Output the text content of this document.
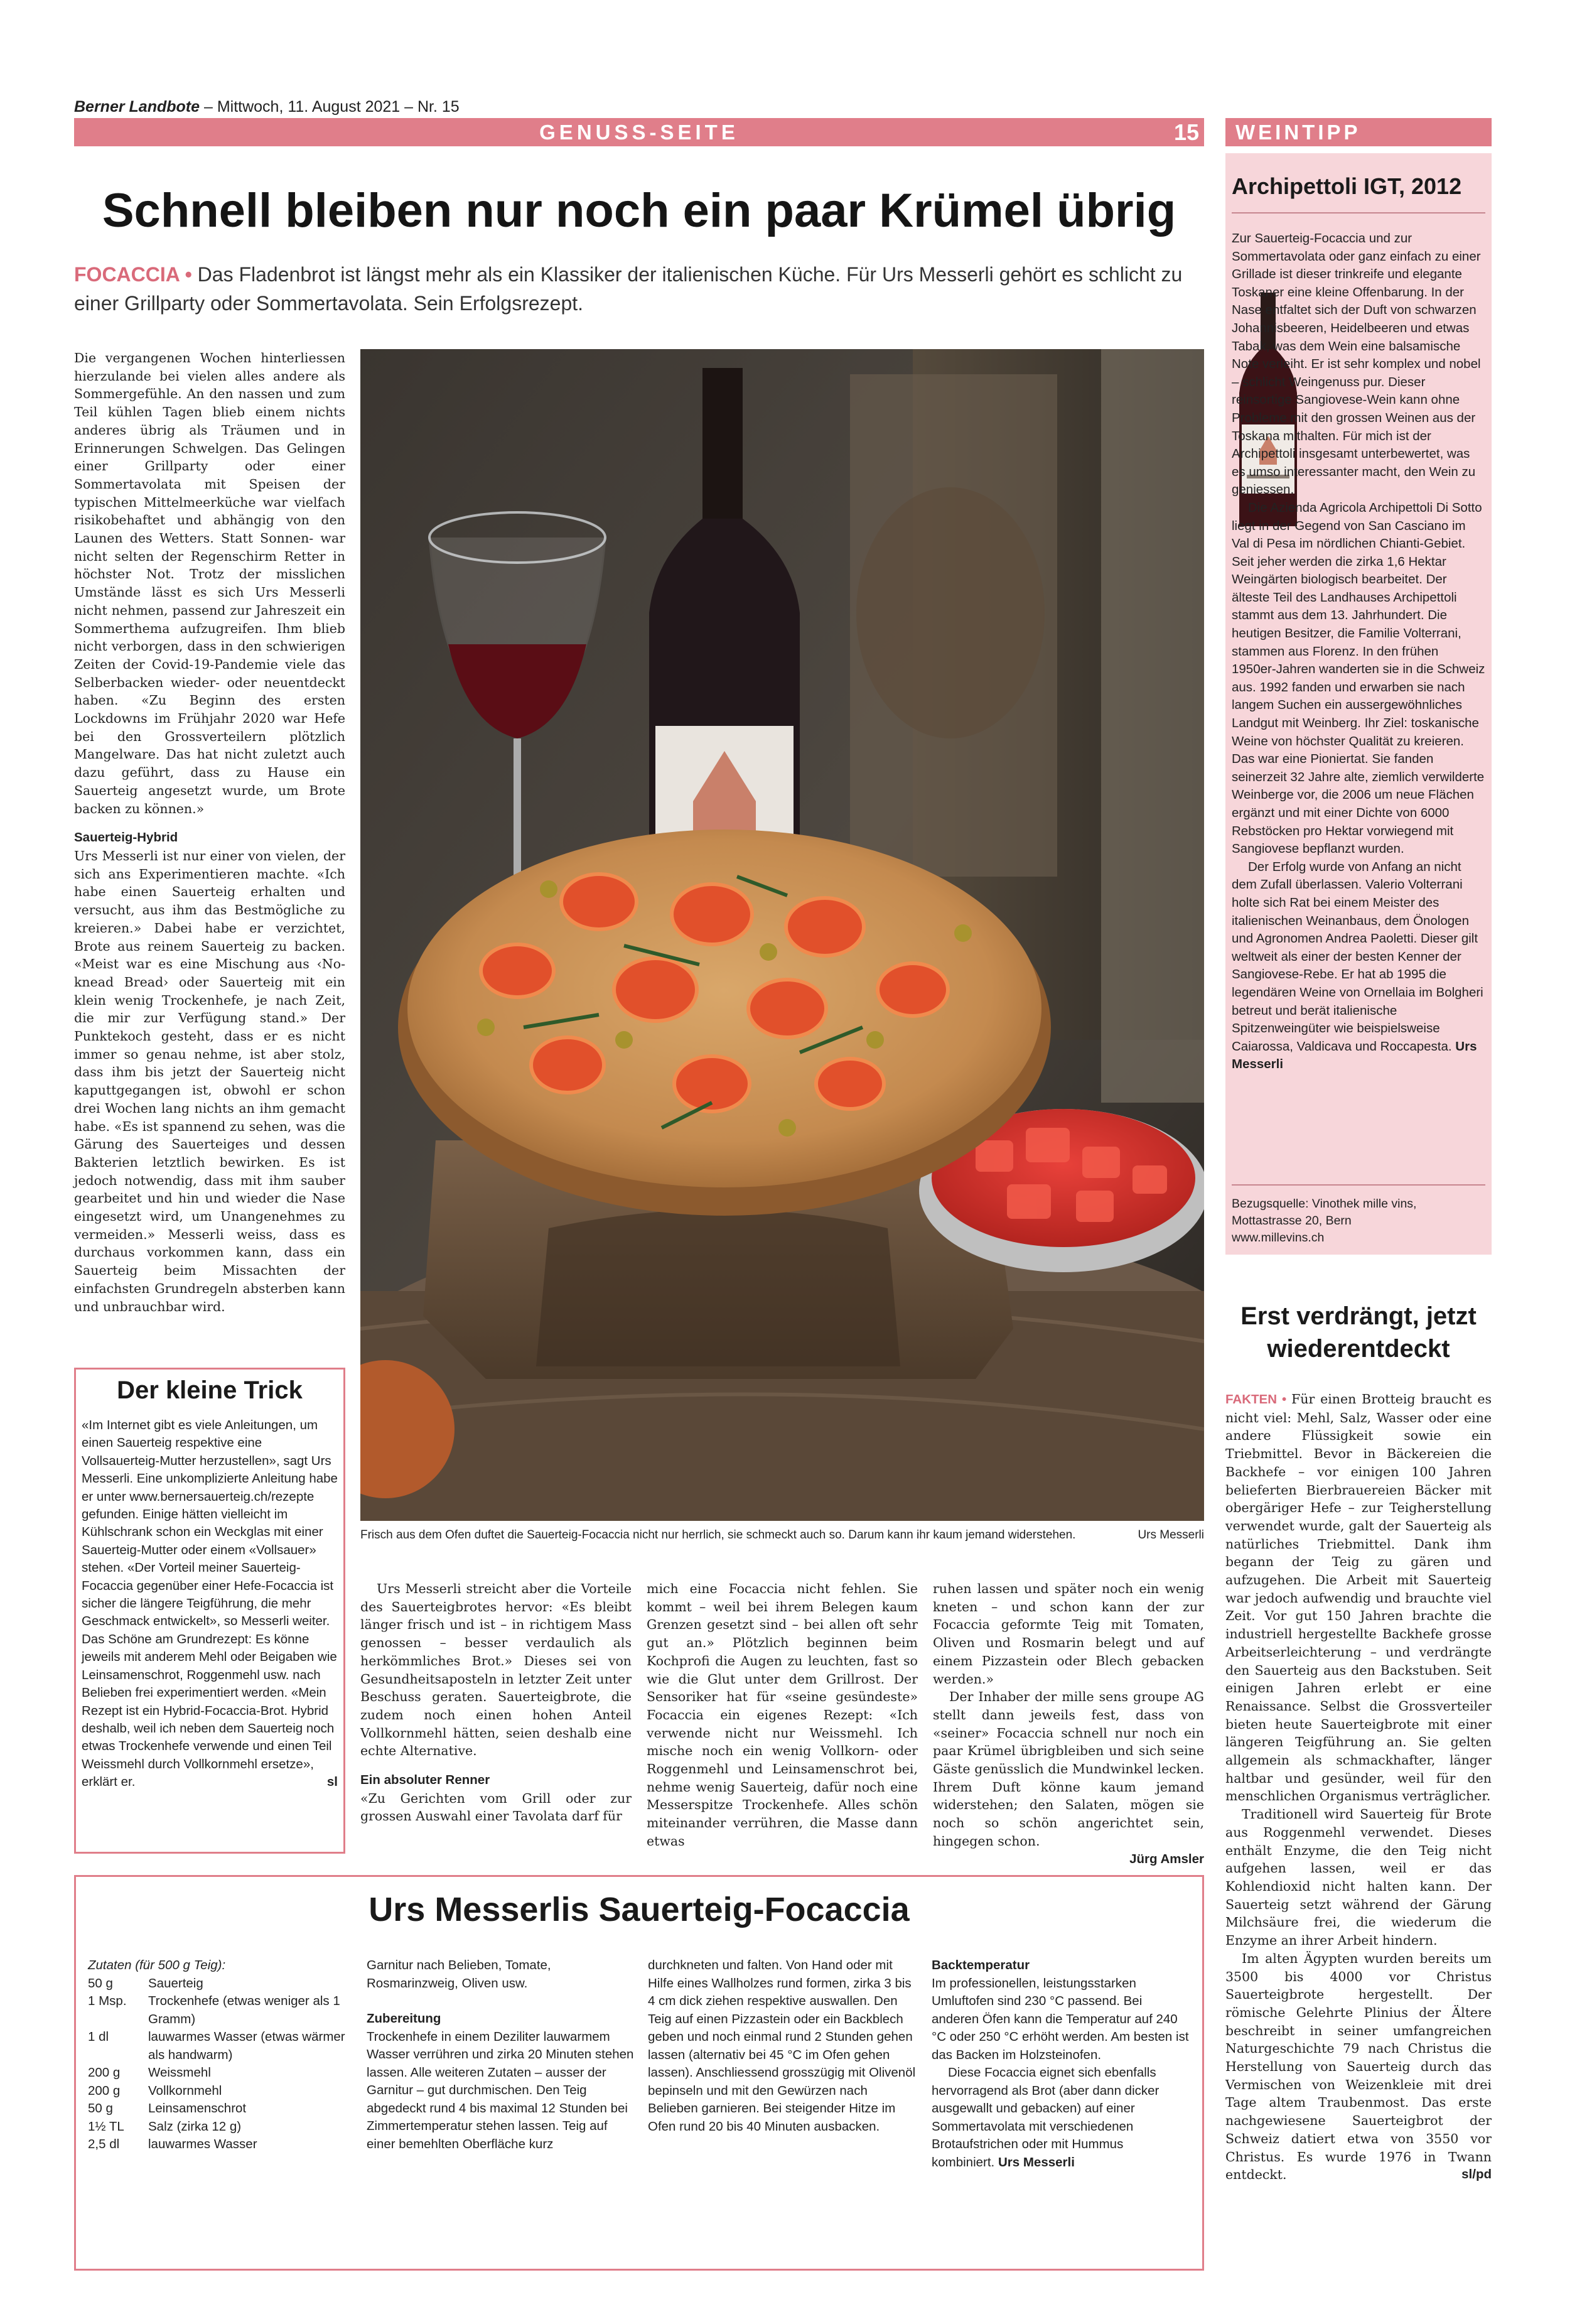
Berner Landbote – Mittwoch, 11. August 2021 – Nr. 15
GENUSS-SEITE	15 WEINTIPP
Schnell bleiben nur noch ein paar Krümel übrig
FOCACCIA • Das Fladenbrot ist längst mehr als ein Klassiker der italienischen Küche. Für Urs Messerli gehört es schlicht zu einer Grillparty oder Sommertavolata. Sein Erfolgsrezept.

Die vergangenen Wochen hinterliessen hierzulande bei vielen alles andere als Sommergefühle. An den nassen und zum Teil kühlen Tagen blieb einem nichts anderes übrig als Träumen und in Erinnerungen Schwelgen. Das Gelingen einer Grillparty oder einer Sommertavolata mit Speisen der typischen Mittelmeerküche war vielfach risikobehaftet und abhängig von den Launen des Wetters. Statt Sonnen- war nicht selten der Regenschirm Retter in höchster Not. Trotz der misslichen Umstände lässt es sich Urs Messerli nicht nehmen, passend zur Jahreszeit ein Sommerthema aufzugreifen. Ihm blieb nicht verborgen, dass in den schwierigen Zeiten der Covid-19-Pandemie viele das Selberbacken wieder- oder neuentdeckt haben. «Zu Beginn des ersten Lockdowns im Frühjahr 2020 war Hefe bei den Grossverteilern plötzlich Mangelware. Das hat nicht zuletzt auch dazu geführt, dass zu Hause ein Sauerteig angesetzt wurde, um Brote backen zu können.»

Sauerteig-Hybrid

Urs Messerli ist nur einer von vielen, der sich ans Experimentieren machte. «Ich habe einen Sauerteig erhalten und versucht, aus ihm das Bestmögliche zu kreieren.» Dabei habe er verzichtet, Brote aus reinem Sauerteig zu backen. «Meist war es eine Mischung aus ‹No-knead Bread› oder Sauerteig mit ein klein wenig Trockenhefe, je nach Zeit, die mir zur Verfügung stand.» Der Punktekoch gesteht, dass er es nicht immer so genau nehme, ist aber stolz, dass ihm bis jetzt der Sauerteig nicht kaputtgegangen ist, obwohl er schon drei Wochen lang nichts an ihm gemacht habe. «Es ist spannend zu sehen, was die Gärung des Sauerteiges und dessen Bakterien letztlich bewirken. Es ist jedoch notwendig, dass mit ihm sauber gearbeitet und hin und wieder die Nase eingesetzt wird, um Unangenehmes zu vermeiden.» Messerli weiss, dass es durchaus vorkommen kann, dass ein Sauerteig beim Missachten der einfachsten Grundregeln absterben kann und unbrauchbar wird.

Frisch aus dem Ofen duftet die Sauerteig-Focaccia nicht nur herrlich, sie schmeckt auch so. Darum kann ihr kaum jemand widerstehen.	Urs Messerli

Urs Messerli streicht aber die Vorteile des Sauerteigbrotes hervor: «Es bleibt länger frisch und ist – in richtigem Mass genossen – besser verdaulich als herkömmliches Brot.» Dieses sei von Gesundheitsaposteln in letzter Zeit unter Beschuss geraten. Sauerteigbrote, die zudem noch einen hohen Anteil Vollkornmehl hätten, seien deshalb eine echte Alternative.

Ein absoluter Renner

«Zu Gerichten vom Grill oder zur grossen Auswahl einer Tavolata darf für

mich eine Focaccia nicht fehlen. Sie kommt – weil bei ihrem Belegen kaum Grenzen gesetzt sind – bei allen oft sehr gut an.» Plötzlich beginnen beim Kochprofi die Augen zu leuchten, fast so wie die Glut unter dem Grillrost. Der Sensoriker hat für «seine gesündeste» Focaccia ein eigenes Rezept: «Ich verwende nicht nur Weissmehl. Ich mische noch ein wenig Vollkorn- oder Roggenmehl und Leinsamenschrot bei, nehme wenig Sauerteig, dafür noch eine Messerspitze Trockenhefe. Alles schön miteinander verrühren, die Masse dann etwas

ruhen lassen und später noch ein wenig kneten – und schon kann der zur Focaccia geformte Teig mit Tomaten, Oliven und Rosmarin belegt und auf einem Pizzastein oder Blech gebacken werden.»

Der Inhaber der mille sens groupe AG stellt dann jeweils fest, dass von «seiner» Focaccia schnell nur noch ein paar Krümel übrigbleiben und sich seine Gäste genüsslich die Mundwinkel lecken. Ihrem Duft könne kaum jemand widerstehen; den Salaten, mögen sie noch so schön angerichtet sein, hingegen schon.

Jürg Amsler

Der kleine Trick
«Im Internet gibt es viele Anleitungen, um einen Sauerteig respektive eine Vollsauerteig-Mutter herzustellen», sagt Urs Messerli. Eine unkomplizierte Anleitung habe er unter www.bernersauerteig.ch/rezepte gefunden. Einige hätten vielleicht im Kühlschrank schon ein Weckglas mit einer Sauerteig-Mutter oder einem «Vollsauer» stehen. «Der Vorteil meiner Sauerteig-Focaccia gegenüber einer Hefe-Focaccia ist sicher die längere Teigführung, die mehr Geschmack entwickelt», so Messerli weiter. Das Schöne am Grundrezept: Es könne jeweils mit anderem Mehl oder Beigaben wie Leinsamenschrot, Roggenmehl usw. nach Belieben frei experimentiert werden. «Mein Rezept ist ein Hybrid-Focaccia-Brot. Hybrid deshalb, weil ich neben dem Sauerteig noch etwas Trockenhefe verwende und einen Teil Weissmehl durch Vollkornmehl ersetze», erklärt er.	sl
Urs Messerlis Sauerteig-Focaccia
Zutaten (für 500 g Teig):
50 g	Sauerteig
1 Msp.	Trockenhefe (etwas weniger als 1 Gramm)
1 dl	lauwarmes Wasser (etwas wärmer als handwarm)
200 g	Weissmehl
200 g	Vollkornmehl
50 g	Leinsamenschrot
1½ TL	Salz (zirka 12 g)
2,5 dl	lauwarmes Wasser
Garnitur nach Belieben, Tomate, Rosmarinzweig, Oliven usw.
Zubereitung
Trockenhefe in einem Deziliter lauwarmem Wasser verrühren und zirka 20 Minuten stehen lassen. Alle weiteren Zutaten – ausser der Garnitur – gut durchmischen. Den Teig abgedeckt rund 4 bis maximal 12 Stunden bei Zimmertemperatur stehen lassen. Teig auf einer bemehlten Oberfläche kurz
durchkneten und falten. Von Hand oder mit Hilfe eines Wallholzes rund formen, zirka 3 bis 4 cm dick ziehen respektive auswallen. Den Teig auf einen Pizzastein oder ein Backblech geben und noch einmal rund 2 Stunden gehen lassen (alternativ bei 45 °C im Ofen gehen lassen). Anschliessend grosszügig mit Olivenöl bepinseln und mit den Gewürzen nach Belieben garnieren. Bei steigender Hitze im Ofen rund 20 bis 40 Minuten ausbacken.
Backtemperatur
Im professionellen, leistungsstarken Umluftofen sind 230 °C passend. Bei anderen Öfen kann die Temperatur auf 240 °C oder 250 °C erhöht werden. Am besten ist das Backen im Holzsteinofen.
Diese Focaccia eignet sich ebenfalls hervorragend als Brot (aber dann dicker ausgewallt und gebacken) auf einer Sommertavolata mit verschiedenen Brotaufstrichen oder mit Hummus kombiniert. Urs Messerli
Archipettoli IGT, 2012

Zur Sauerteig-Focaccia und zur Sommertavolata oder ganz einfach zu einer Grillade ist dieser trinkreife und elegante Toskaner eine kleine Offenbarung. In der Nase entfaltet sich der Duft von schwarzen Johannisbeeren, Heidelbeeren und etwas Tabak, was dem Wein eine balsamische Note verleiht. Er ist sehr komplex und nobel – schlicht Weingenuss pur. Dieser reinsortige Sangiovese-Wein kann ohne Probleme mit den grossen Weinen aus der Toskana mithalten. Für mich ist der Archipettoli insgesamt unterbewertet, was es umso interessanter macht, den Wein zu geniessen.

Die Azienda Agricola Archipettoli Di Sotto liegt in der Gegend von San Casciano im Val di Pesa im nördlichen Chianti-Gebiet. Seit jeher werden die zirka 1,6 Hektar Weingärten biologisch bearbeitet. Der älteste Teil des Landhauses Archipettoli stammt aus dem 13. Jahrhundert. Die heutigen Besitzer, die Familie Volterrani, stammen aus Florenz. In den frühen 1950er-Jahren wanderten sie in die Schweiz aus. 1992 fanden und erwarben sie nach langem Suchen ein aussergewöhnliches Landgut mit Weinberg. Ihr Ziel: toskanische Weine von höchster Qualität zu kreieren. Das war eine Pioniertat. Sie fanden seinerzeit 32 Jahre alte, ziemlich verwilderte Weinberge vor, die 2006 um neue Flächen ergänzt und mit einer Dichte von 6000 Rebstöcken pro Hektar vorwiegend mit Sangiovese bepflanzt wurden.

Der Erfolg wurde von Anfang an nicht dem Zufall überlassen. Valerio Volterrani holte sich Rat bei einem Meister des italienischen Weinanbaus, dem Önologen und Agronomen Andrea Paoletti. Dieser gilt weltweit als einer der besten Kenner der Sangiovese-Rebe. Er hat ab 1995 die legendären Weine von Ornellaia im Bolgheri betreut und berät italienische Spitzenweingüter wie beispielsweise Caiarossa, Valdicava und Roccapesta. Urs Messerli

Bezugsquelle: Vinothek mille vins,
Mottastrasse 20, Bern
www.millevins.ch
Erst verdrängt, jetzt wiederentdeckt

FAKTEN • Für einen Brotteig braucht es nicht viel: Mehl, Salz, Wasser oder eine andere Flüssigkeit sowie ein Triebmittel. Bevor in Bäckereien die Backhefe – vor einigen 100 Jahren belieferten Bierbrauereien Bäcker mit obergäriger Hefe – zur Teigherstellung verwendet wurde, galt der Sauerteig als natürliches Triebmittel. Dank ihm begann der Teig zu gären und aufzugehen. Die Arbeit mit Sauerteig war jedoch aufwendig und brauchte viel Zeit. Vor gut 150 Jahren brachte die industriell hergestellte Backhefe grosse Arbeitserleichterung – und verdrängte den Sauerteig aus den Backstuben. Seit einigen Jahren erlebt er eine Renaissance. Selbst die Grossverteiler bieten heute Sauerteigbrote mit einer längeren Teigführung an. Sie gelten allgemein als schmackhafter, länger haltbar und gesünder, weil für den menschlichen Organismus verträglicher.

Traditionell wird Sauerteig für Brote aus Roggenmehl verwendet. Dieses enthält Enzyme, die den Teig nicht aufgehen lassen, weil er das Kohlendioxid nicht halten kann. Der Sauerteig setzt während der Gärung Milchsäure frei, die wiederum die Enzyme an ihrer Arbeit hindern.

Im alten Ägypten wurden bereits um 3500 bis 4000 vor Christus Sauerteigbrote hergestellt. Der römische Gelehrte Plinius der Ältere beschreibt in seiner umfangreichen Naturgeschichte 79 nach Christus die Herstellung von Sauerteig durch das Vermischen von Weizenkleie mit drei Tage altem Traubenmost. Das erste nachgewiesene Sauerteigbrot der Schweiz datiert etwa von 3550 vor Christus. Es wurde 1976 in Twann entdeckt.	sl/pd
